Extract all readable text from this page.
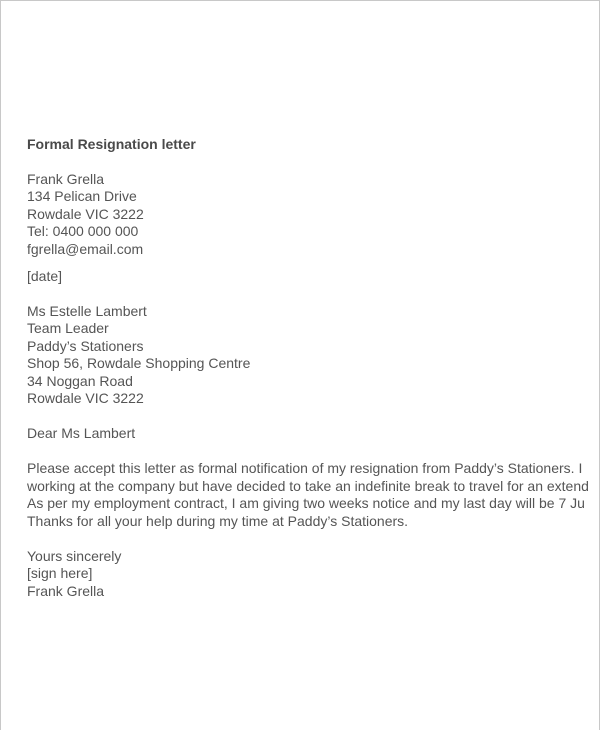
Formal Resignation letter
Frank Grella
134 Pelican Drive
Rowdale VIC 3222
Tel: 0400 000 000
fgrella@email.com
[date]
Ms Estelle Lambert
Team Leader
Paddy’s Stationers
Shop 56, Rowdale Shopping Centre
34 Noggan Road
Rowdale VIC 3222
Dear Ms Lambert
Please accept this letter as formal notification of my resignation from Paddy’s Stationers. I
working at the company but have decided to take an indefinite break to travel for an extend
As per my employment contract, I am giving two weeks notice and my last day will be 7 Ju
Thanks for all your help during my time at Paddy’s Stationers.
Yours sincerely
[sign here]
Frank Grella
